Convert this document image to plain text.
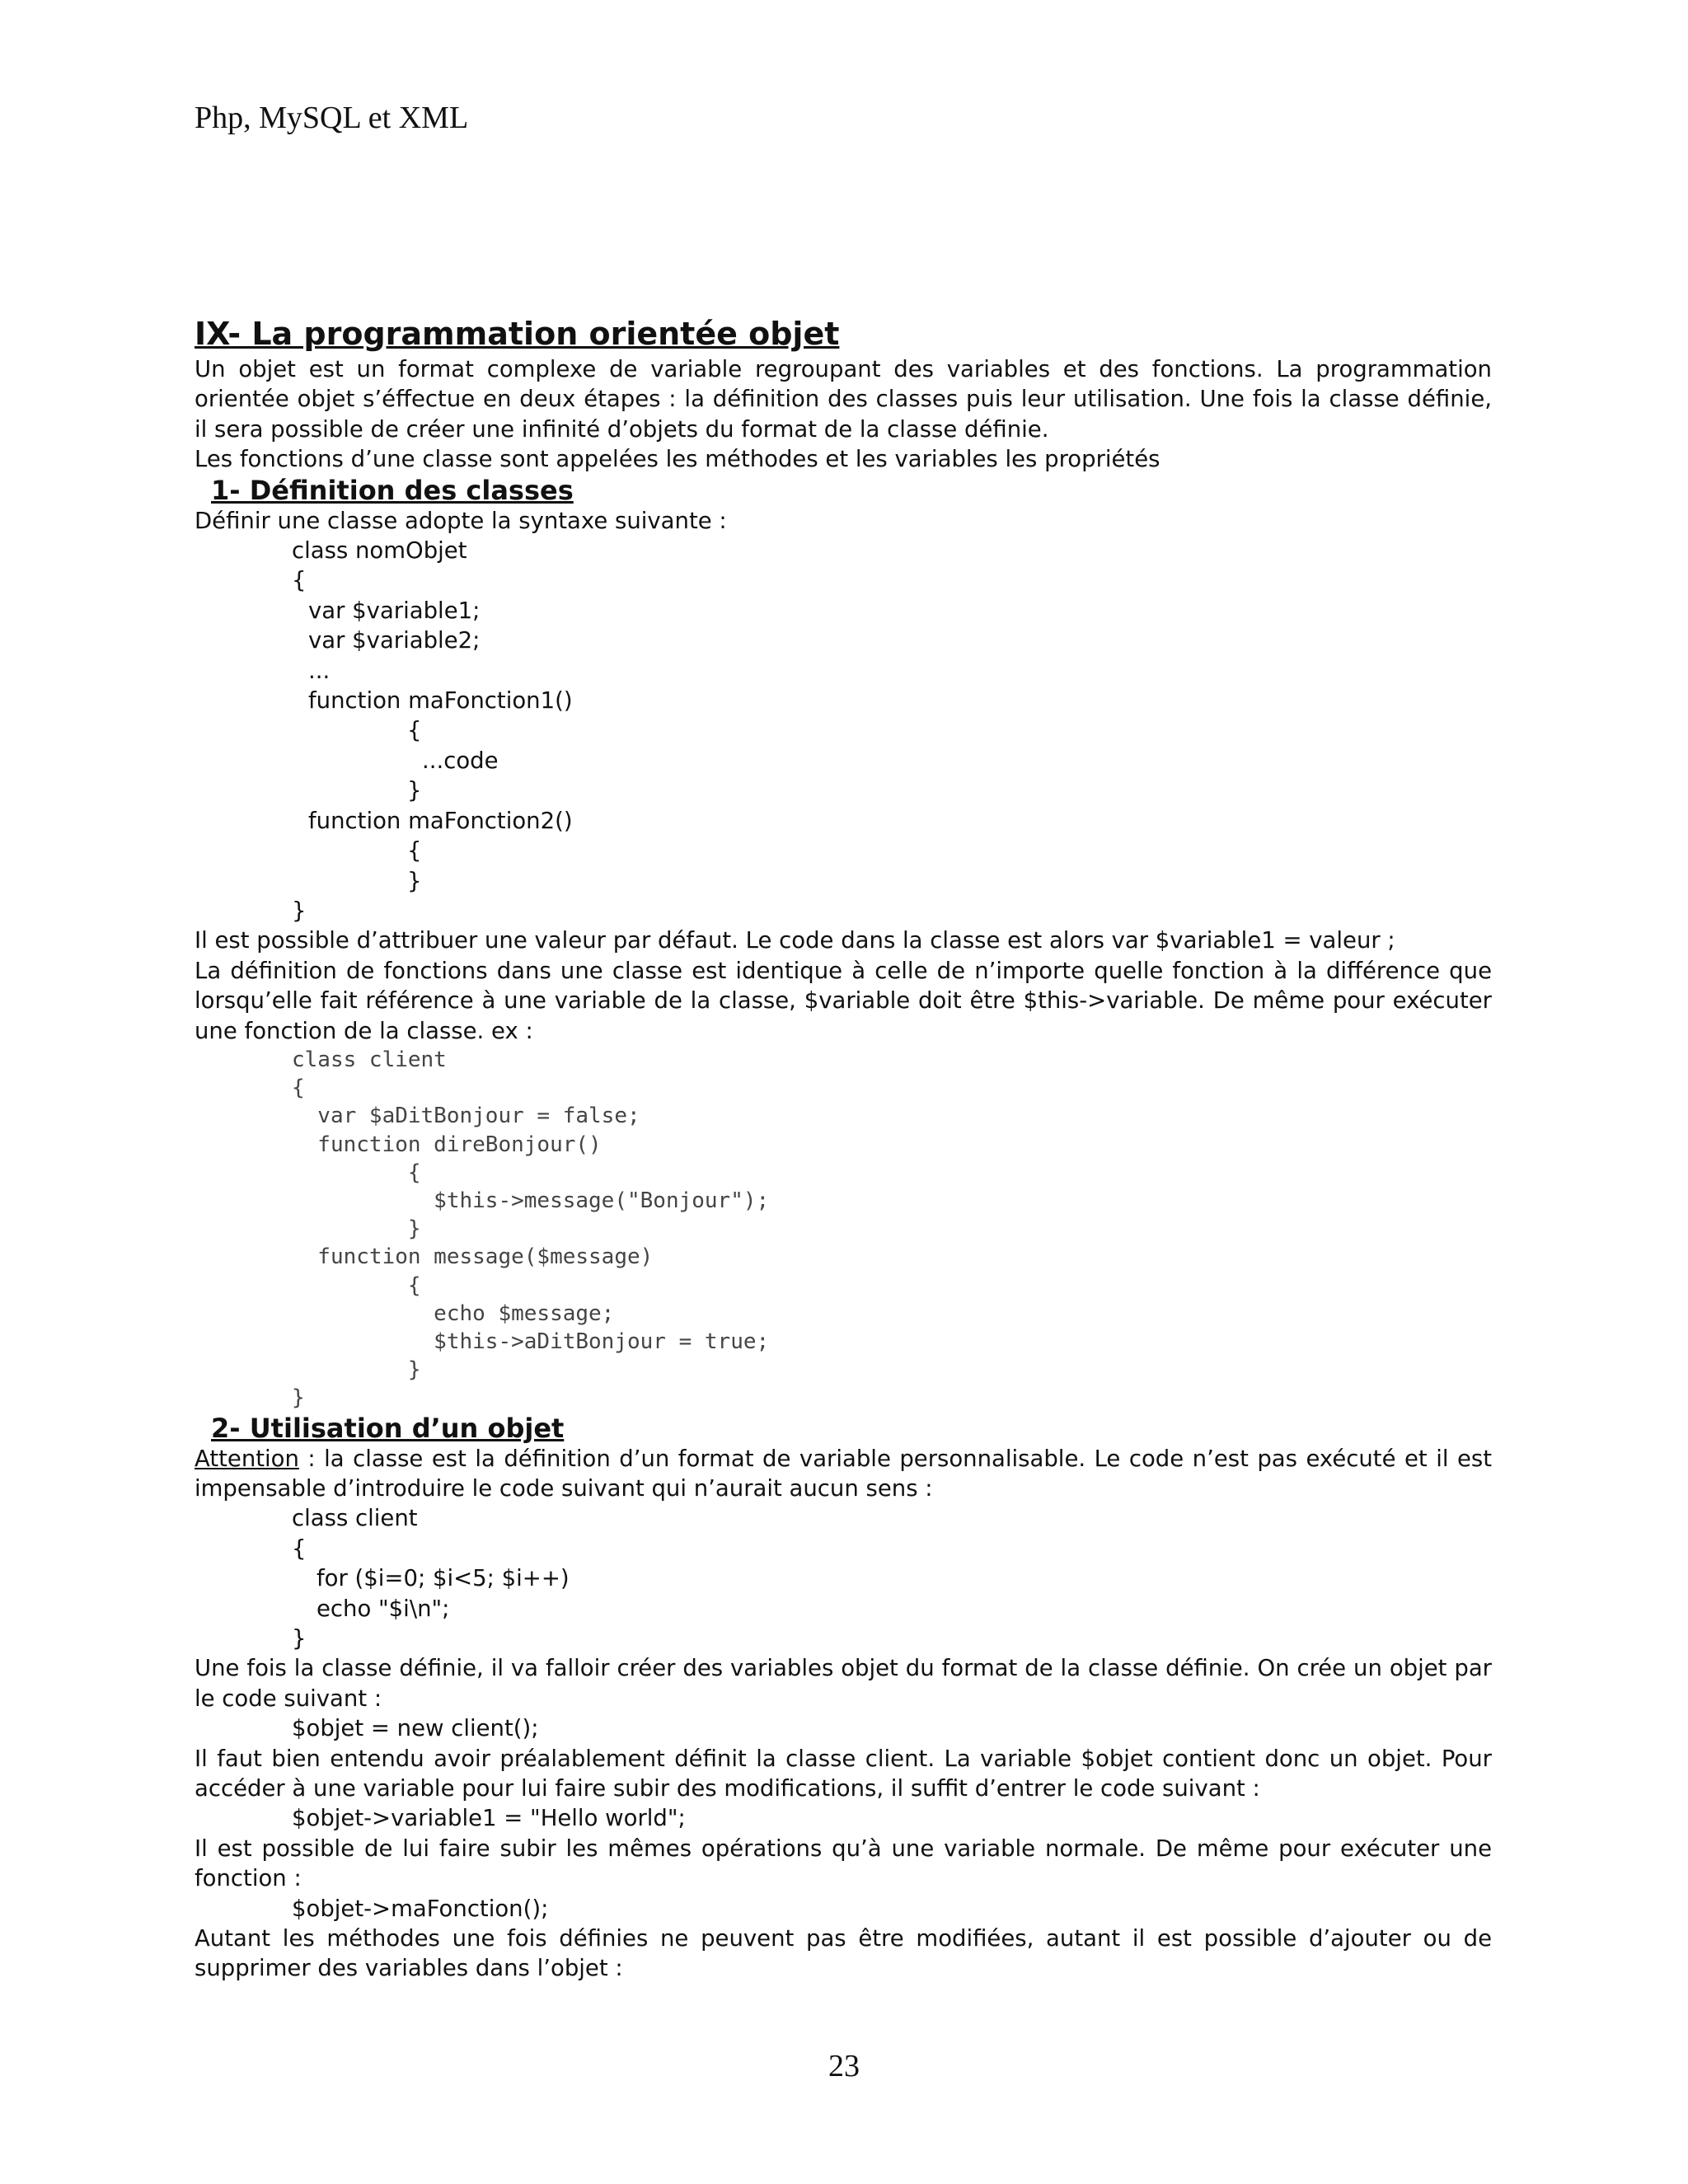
Php, MySQL et XML
IX- La programmation orientée objet
Un objet est un format complexe de variable regroupant des variables et des fonctions. La programmation orientée objet s’éffectue en deux étapes : la définition des classes puis leur utilisation. Une fois la classe définie, il sera possible de créer une infinité d’objets du format de la classe définie.
Les fonctions d’une classe sont appelées les méthodes et les variables les propriétés
1- Définition des classes
Définir une classe adopte la syntaxe suivante :
class nomObjet
{
var $variable1;
var $variable2;
...
function maFonction1()
{
...code
}
function maFonction2()
{
}
}
Il est possible d’attribuer une valeur par défaut. Le code dans la classe est alors var $variable1 = valeur ;
La définition de fonctions dans une classe est identique à celle de n’importe quelle fonction à la différence que lorsqu’elle fait référence à une variable de la classe, $variable doit être $this->variable. De même pour exécuter une fonction de la classe. ex :
class client
{
var $aDitBonjour = false;
function direBonjour()
{
$this->message("Bonjour");
}
function message($message)
{
echo $message;
$this->aDitBonjour = true;
}
}
2- Utilisation d’un objet
Attention : la classe est la définition d’un format de variable personnalisable. Le code n’est pas exécuté et il est impensable d’introduire le code suivant qui n’aurait aucun sens :
class client
{
for ($i=0; $i<5; $i++)
echo "$i\n";
}
Une fois la classe définie, il va falloir créer des variables objet du format de la classe définie. On crée un objet par le code suivant :
$objet = new client();
Il faut bien entendu avoir préalablement définit la classe client. La variable $objet contient donc un objet. Pour accéder à une variable pour lui faire subir des modifications, il suffit d’entrer le code suivant :
$objet->variable1 = "Hello world";
Il est possible de lui faire subir les mêmes opérations qu’à une variable normale. De même pour exécuter une fonction :
$objet->maFonction();
Autant les méthodes une fois définies ne peuvent pas être modifiées, autant il est possible d’ajouter ou de supprimer des variables dans l’objet :
23
